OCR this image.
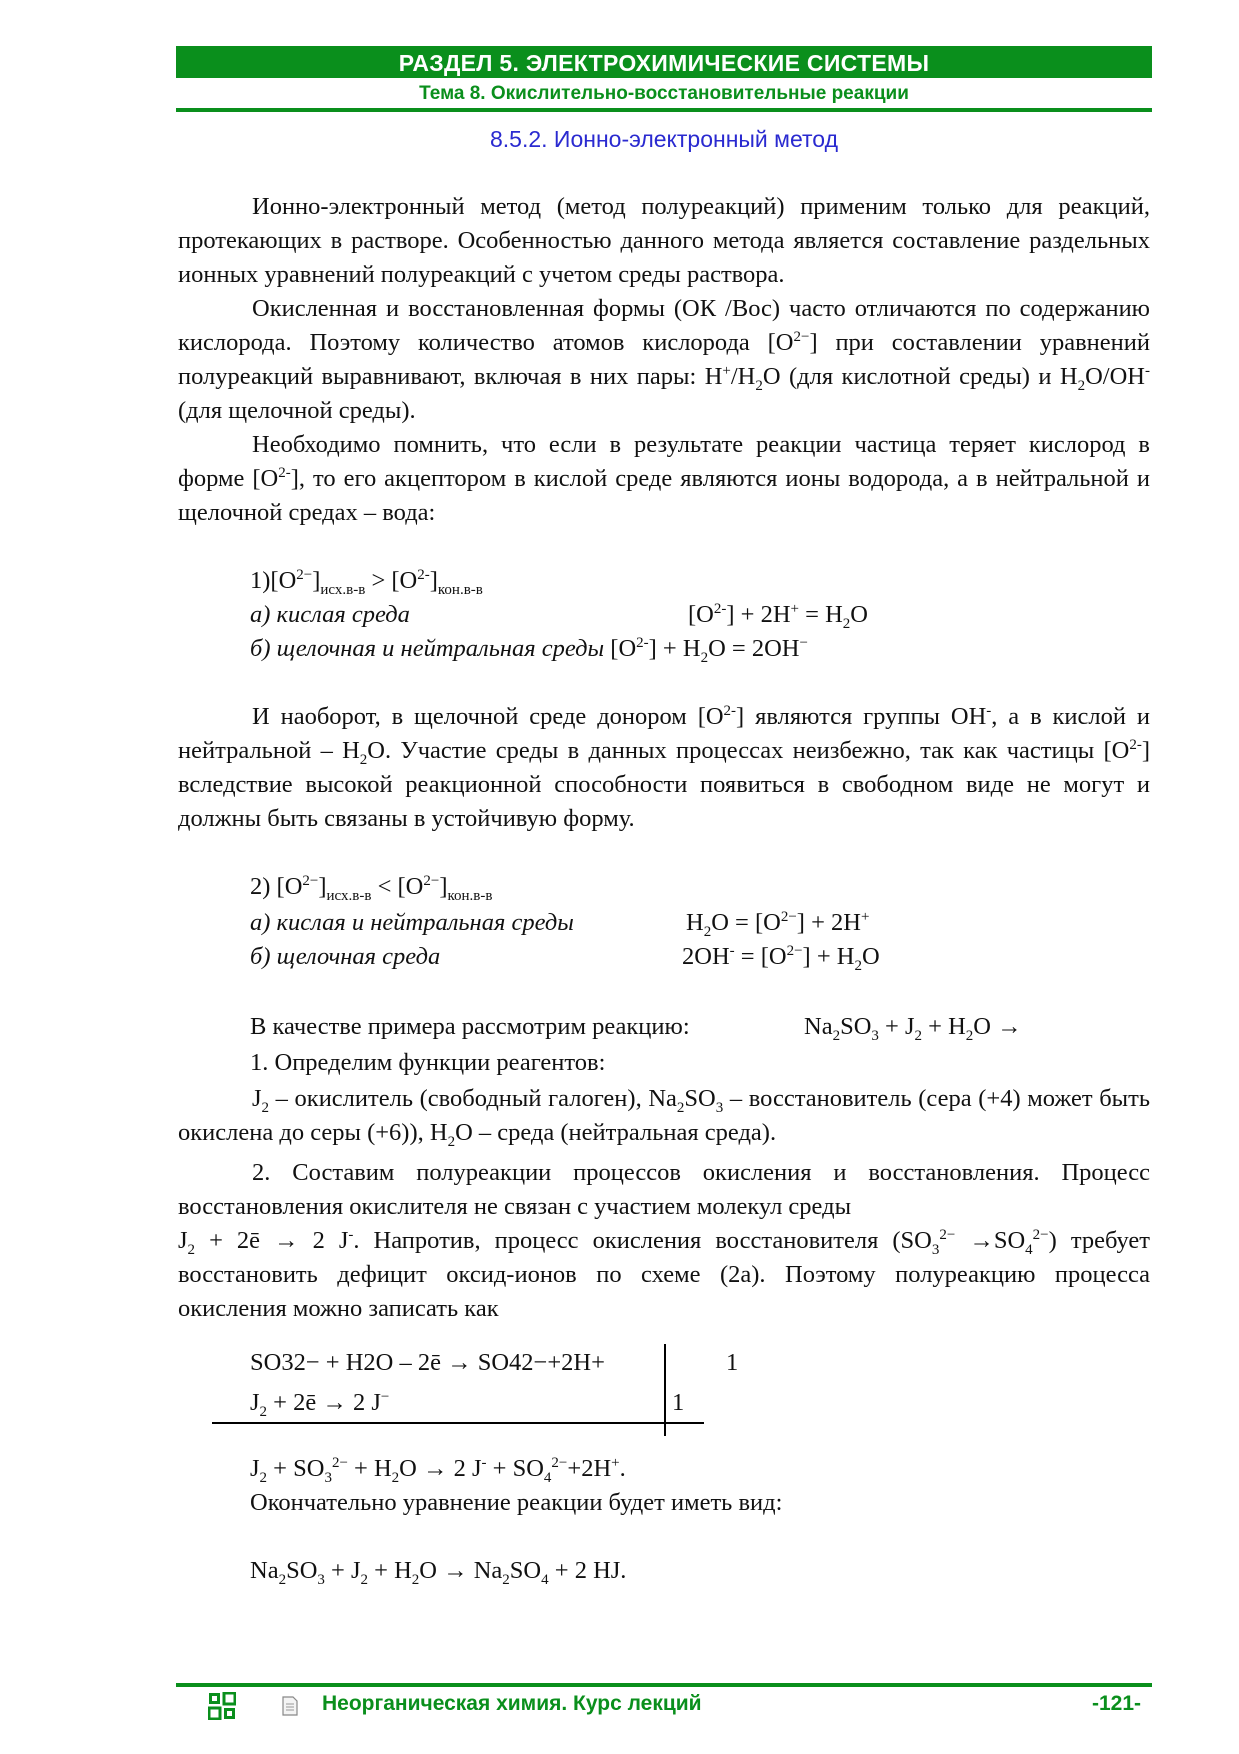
РАЗДЕЛ 5. ЭЛЕКТРОХИМИЧЕСКИЕ СИСТЕМЫ
Тема 8. Окислительно-восстановительные реакции
8.5.2. Ионно-электронный метод

Ионно-электронный метод (метод полуреакций) применим только для реакций, протекающих в растворе. Особенностью данного метода является составление раздельных ионных уравнений полуреакций с учетом среды раствора.

Окисленная и восстановленная формы (ОК /Вос) часто отличаются по содержанию кислорода. Поэтому количество атомов кислорода $[O^{2-}]$ при составлении уравнений полуреакций выравнивают, включая в них пары: $H^+/H_2O$ (для кислотной среды) и $H_2O/OH^-$ (для щелочной среды).

Необходимо помнить, что если в результате реакции частица теряет кислород в форме $[O^{2-}]$, то его акцептором в кислой среде являются ионы водорода, а в нейтральной и щелочной средах – вода:

$1)[O^{2-}]_{исх.в-в} > [O^{2-}]_{кон.в-в}$
а) кислая среда	$[O^{2-}] + 2H^+ = H_2O$
б) щелочная и нейтральная среды $[O^{2-}] + H_2O = 2OH^-$

И наоборот, в щелочной среде донором $[O^{2-}]$ являются группы OH-, а в кислой и нейтральной – $H_2O$. Участие среды в данных процессах неизбежно, так как частицы $[O^{2-}]$ вследствие высокой реакционной способности появиться в свободном виде не могут и должны быть связаны в устойчивую форму.

2) $[O^{2-}]_{исх.в-в} < [O^{2-}]_{кон.в-в}$
а) кислая и нейтральная среды	$H_2O = [O^{2-}] + 2H^+$
б) щелочная среда	$2OH^- = [O^{2-}] + H_2O$
В качестве примера рассмотрим реакцию:	$Na_2SO_3 + J_2 + H_2O$ →
1. Определим функции реагентов:

$J_2$ – окислитель (свободный галоген), $Na_2SO_3$ – восстановитель (сера (+4) может быть окислена до серы (+6)), $H_2O$ – среда (нейтральная среда).

2. Составим полуреакции процессов окисления и восстановления. Процесс восстановления окислителя не связан с участием молекул среды
$J_2$ + 2ē → 2 J-. Напротив, процесс окисления восстановителя $(SO_3^{2-} \to SO_4^{2-})$ требует восстановить дефицит оксид-ионов по схеме (2а). Поэтому полуреакцию процесса окисления можно записать как

SO32− + H2O – 2ē → SO42−+2H+	1
$J_2$ + 2ē → 2 J−	1
$J_2 + SO_3^{2-} + H_2O \to 2$ $J^- + SO_4^{2-}+2H^+$.
Окончательно уравнение реакции будет иметь вид:
$Na_2SO_3 + J_2 + H_2O \to Na_2SO_4 + 2$ HJ.
Неорганическая химия. Курс лекций	-121-
